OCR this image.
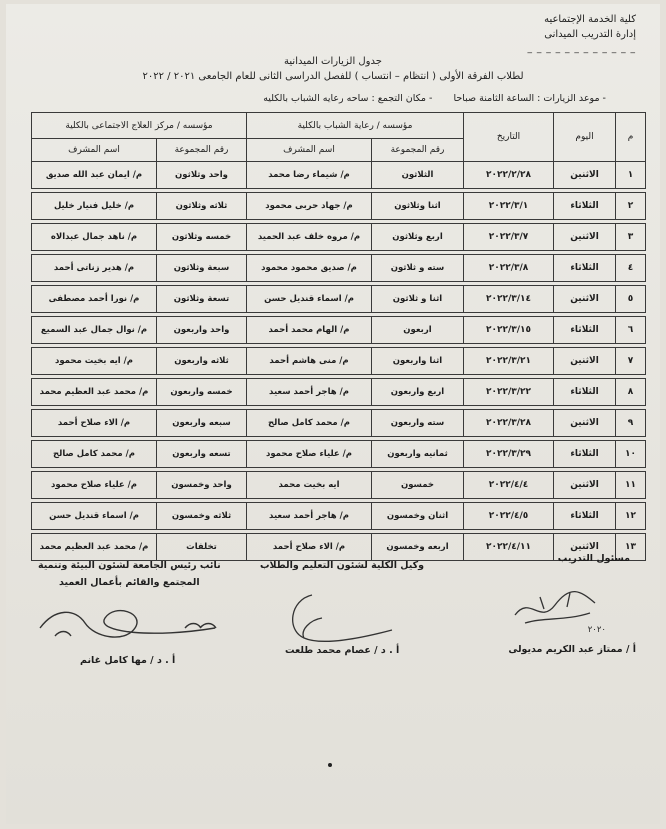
كلية الخدمة الإجتماعيه
إدارة التدريب الميدانى
_ _ _ _ _ _ _ _ _ _ _ _
جدول الزيارات الميدانية
لطلاب الفرقة الأولى ( انتظام – انتساب ) للفصل الدراسى الثانى للعام الجامعى ٢٠٢١ / ٢٠٢٢
- موعد الزيارات : الساعة الثامنة صباحا - مكان التجمع : ساحه رعايه الشباب بالكليه
م	اليوم	التاريخ	مؤسسه / رعاية الشباب بالكلية		مؤسسه / مركز العلاج الاجتماعى بالكلية	
			رقم المجموعة	اسم المشرف	رقم المجموعة	اسم المشرف
١	الاثنين	٢٠٢٢/٢/٢٨	الثلاثون	م/ شيماء رضا محمد	واحد وثلاثون	م/ ايمان عبد الله صديق

٢	الثلاثاء	٢٠٢٢/٣/١	اثنا وثلاثون	م/ جهاد حربى محمود	ثلاثه وثلاثون	م/ خليل فنيار خليل

٣	الاثنين	٢٠٢٢/٣/٧	اربع وثلاثون	م/ مروه خلف عبد الحميد	خمسه وثلاثون	م/ ناهد جمال عبدالاه

٤	الثلاثاء	٢٠٢٢/٣/٨	سته و ثلاثون	م/ صديق محمود محمود	سبعة وثلاثون	م/ هدير زناتى أحمد

٥	الاثنين	٢٠٢٢/٣/١٤	اثنا و ثلاثون	م/ اسماء قنديل حسن	تسعة وثلاثون	م/ نورا أحمد مصطفى

٦	الثلاثاء	٢٠٢٢/٣/١٥	اربعون	م/ الهام محمد أحمد	واحد واربعون	م/ نوال جمال عبد السميع

٧	الاثنين	٢٠٢٢/٣/٢١	اثنا واربعون	م/ منى هاشم أحمد	ثلاثه واربعون	م/ ايه بخيت محمود

٨	الثلاثاء	٢٠٢٢/٣/٢٢	اربع واربعون	م/ هاجر أحمد سعيد	خمسه واربعون	م/ محمد عبد العظيم محمد

٩	الاثنين	٢٠٢٢/٣/٢٨	سته واربعون	م/ محمد كامل صالح	سبعه واربعون	م/ الاء صلاح أحمد

١٠	الثلاثاء	٢٠٢٢/٣/٢٩	ثمانيه واربعون	م/ علياء صلاح محمود	تسعه واربعون	م/ محمد كامل صالح

١١	الاثنين	٢٠٢٢/٤/٤	خمسون	ايه بخيت محمد	واحد وخمسون	م/ علياء صلاح محمود

١٢	الثلاثاء	٢٠٢٢/٤/٥	اثنان وخمسون	م/ هاجر أحمد سعيد	ثلاثه وخمسون	م/ اسماء قنديل حسن

١٣	الاثنين	٢٠٢٢/٤/١١	اربعه وخمسون	م/ الاء صلاح أحمد	تخلفات	م/ محمد عبد العظيم محمد
مسئول التدريب
٢٠٢٠
أ / ممتاز عبد الكريم مديولى
وكيل الكلية لشئون التعليم والطلاب
أ . د / عصام محمد طلعت
نائب رئيس الجامعة لشئون البيئة وتنمية
المجتمع والقائم بأعمال العميد
أ . د / مها كامل غانم
